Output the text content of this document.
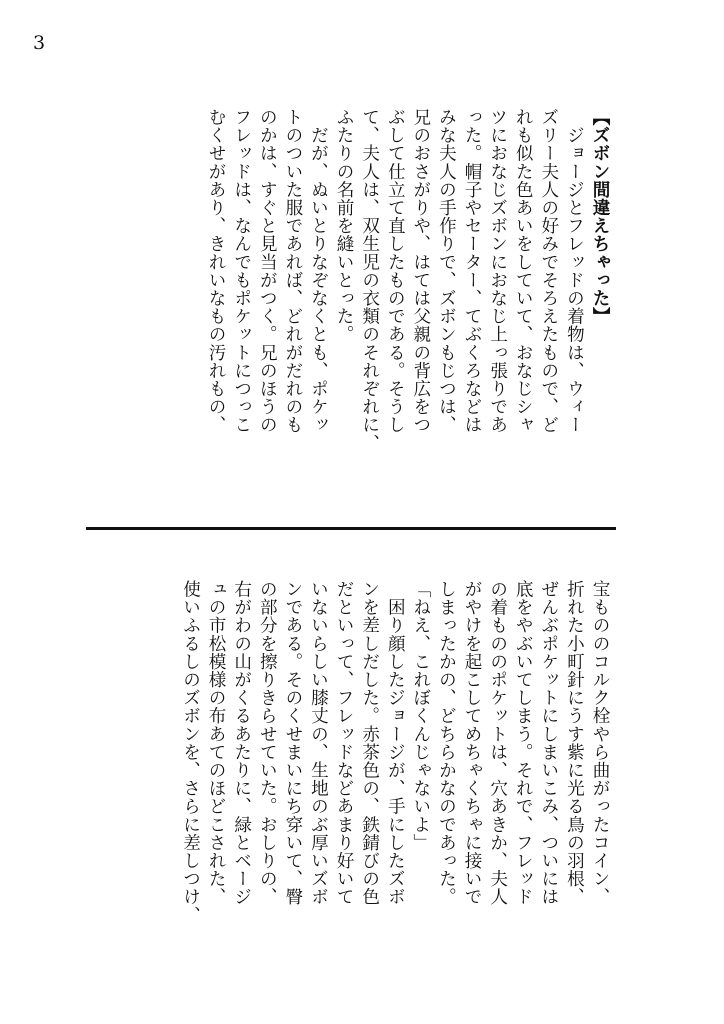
3
【ズボン間違えちゃった】
　ジョージとフレッドの着物は、ウィー
ズリー夫人の好みでそろえたもので、ど
れも似た色あいをしていて、おなじシャ
ツにおなじズボンにおなじ上っ張りであ
った。帽子やセーター、てぶくろなどは
みな夫人の手作りで、ズボンもじつは、
兄のおさがりや、はては父親の背広をつ
ぶして仕立て直したものである。そうし
て、夫人は、双生児の衣類のそれぞれに、
ふたりの名前を縫いとった。
　だが、ぬいとりなぞなくとも、ポケッ
トのついた服であれば、どれがだれのも
のかは、すぐと見当がつく。兄のほうの
フレッドは、なんでもポケットにつっこ
むくせがあり、きれいなもの汚れもの、
宝もののコルク栓やら曲がったコイン、
折れた小町針にうす紫に光る鳥の羽根、
ぜんぶポケットにしまいこみ、ついには
底をやぶいてしまう。それで、フレッド
の着もののポケットは、穴あきか、夫人
がやけを起こしてめちゃくちゃに接いで
しまったかの、どちらかなのであった。
「ねえ、これぼくんじゃないよ」
　困り顔したジョージが、手にしたズボ
ンを差しだした。赤茶色の、鉄錆びの色
だといって、フレッドなどあまり好いて
いないらしい膝丈の、生地のぶ厚いズボ
ンである。そのくせまいにち穿いて、臀
の部分を擦りきらせていた。おしりの、
右がわの山がくるあたりに、緑とベージ
ュの市松模様の布あてのほどこされた、
使いふるしのズボンを、さらに差しつけ、
